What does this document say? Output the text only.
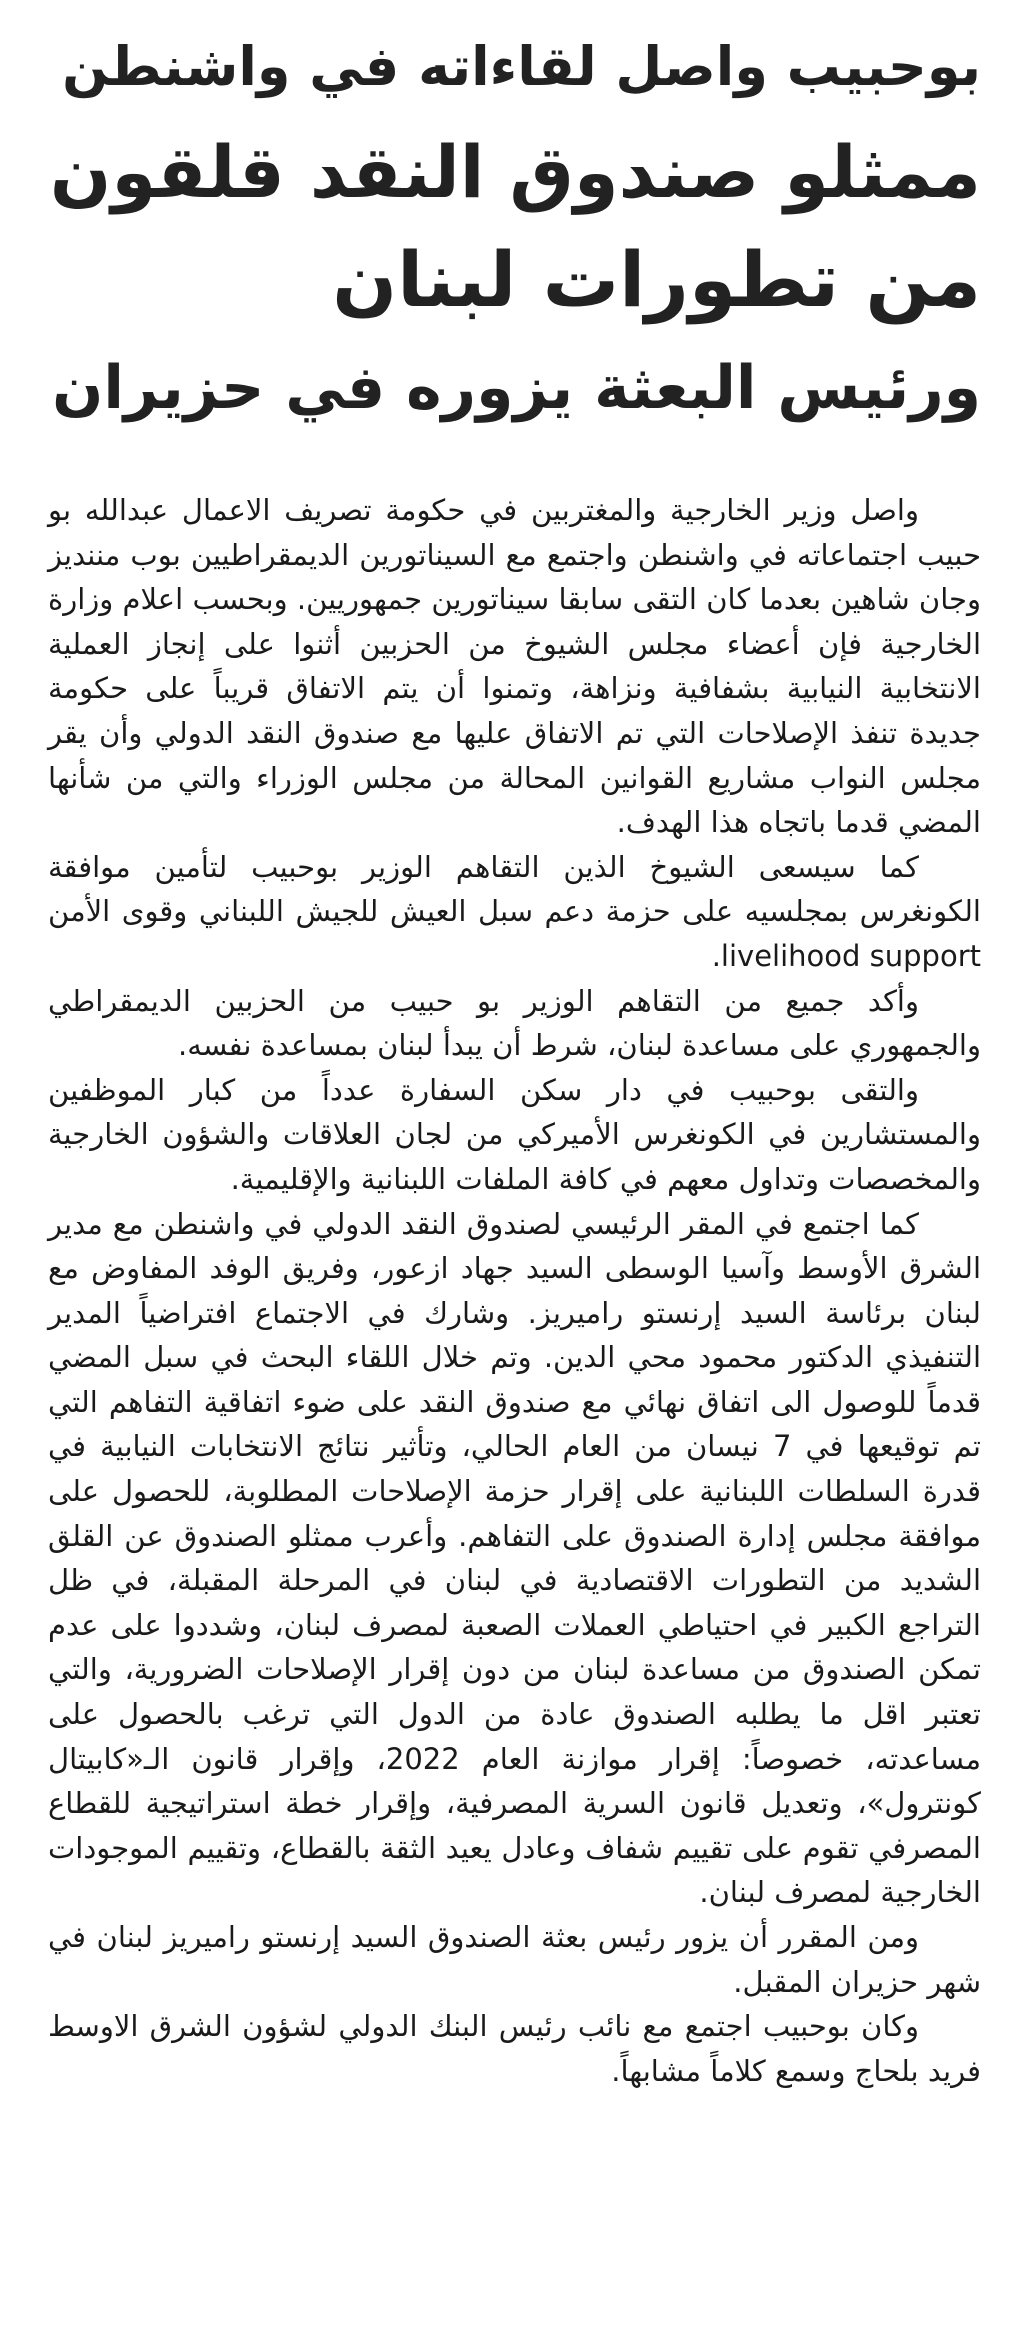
بوحبيب واصل لقاءاته في واشنطن
ممثلو صندوق النقد قلقون
من تطورات لبنان
ورئيس البعثة يزوره في حزيران

واصل وزير الخارجية والمغتربين في حكومة تصريف الاعمال عبدالله بو حبيب اجتماعاته في واشنطن واجتمع مع السيناتورين الديمقراطيين بوب مننديز وجان شاهين بعدما كان التقى سابقا سيناتورين جمهوريين. وبحسب اعلام وزارة الخارجية فإن أعضاء مجلس الشيوخ من الحزبين أثنوا على إنجاز العملية الانتخابية النيابية بشفافية ونزاهة، وتمنوا أن يتم الاتفاق قريباً على حكومة جديدة تنفذ الإصلاحات التي تم الاتفاق عليها مع صندوق النقد الدولي وأن يقر مجلس النواب مشاريع القوانين المحالة من مجلس الوزراء والتي من شأنها المضي قدما باتجاه هذا الهدف.

كما سيسعى الشيوخ الذين التقاهم الوزير بوحبيب لتأمين موافقة الكونغرس بمجلسيه على حزمة دعم سبل العيش للجيش اللبناني وقوى الأمن livelihood support.

وأكد جميع من التقاهم الوزير بو حبيب من الحزبين الديمقراطي والجمهوري على مساعدة لبنان، شرط أن يبدأ لبنان بمساعدة نفسه.

والتقى بوحبيب في دار سكن السفارة عدداً من كبار الموظفين والمستشارين في الكونغرس الأميركي من لجان العلاقات والشؤون الخارجية والمخصصات وتداول معهم في كافة الملفات اللبنانية والإقليمية.

كما اجتمع في المقر الرئيسي لصندوق النقد الدولي في واشنطن مع مدير الشرق الأوسط وآسيا الوسطى السيد جهاد ازعور، وفريق الوفد المفاوض مع لبنان برئاسة السيد إرنستو راميريز. وشارك في الاجتماع افتراضياً المدير التنفيذي الدكتور محمود محي الدين. وتم خلال اللقاء البحث في سبل المضي قدماً للوصول الى اتفاق نهائي مع صندوق النقد على ضوء اتفاقية التفاهم التي تم توقيعها في 7 نيسان من العام الحالي، وتأثير نتائج الانتخابات النيابية في قدرة السلطات اللبنانية على إقرار حزمة الإصلاحات المطلوبة، للحصول على موافقة مجلس إدارة الصندوق على التفاهم. وأعرب ممثلو الصندوق عن القلق الشديد من التطورات الاقتصادية في لبنان في المرحلة المقبلة، في ظل التراجع الكبير في احتياطي العملات الصعبة لمصرف لبنان، وشددوا على عدم تمكن الصندوق من مساعدة لبنان من دون إقرار الإصلاحات الضرورية، والتي تعتبر اقل ما يطلبه الصندوق عادة من الدول التي ترغب بالحصول على مساعدته، خصوصاً: إقرار موازنة العام 2022، وإقرار قانون الـ«كابيتال كونترول»، وتعديل قانون السرية المصرفية، وإقرار خطة استراتيجية للقطاع المصرفي تقوم على تقييم شفاف وعادل يعيد الثقة بالقطاع، وتقييم الموجودات الخارجية لمصرف لبنان.

ومن المقرر أن يزور رئيس بعثة الصندوق السيد إرنستو راميريز لبنان في شهر حزيران المقبل.

وكان بوحبيب اجتمع مع نائب رئيس البنك الدولي لشؤون الشرق الاوسط فريد بلحاج وسمع كلاماً مشابهاً.
